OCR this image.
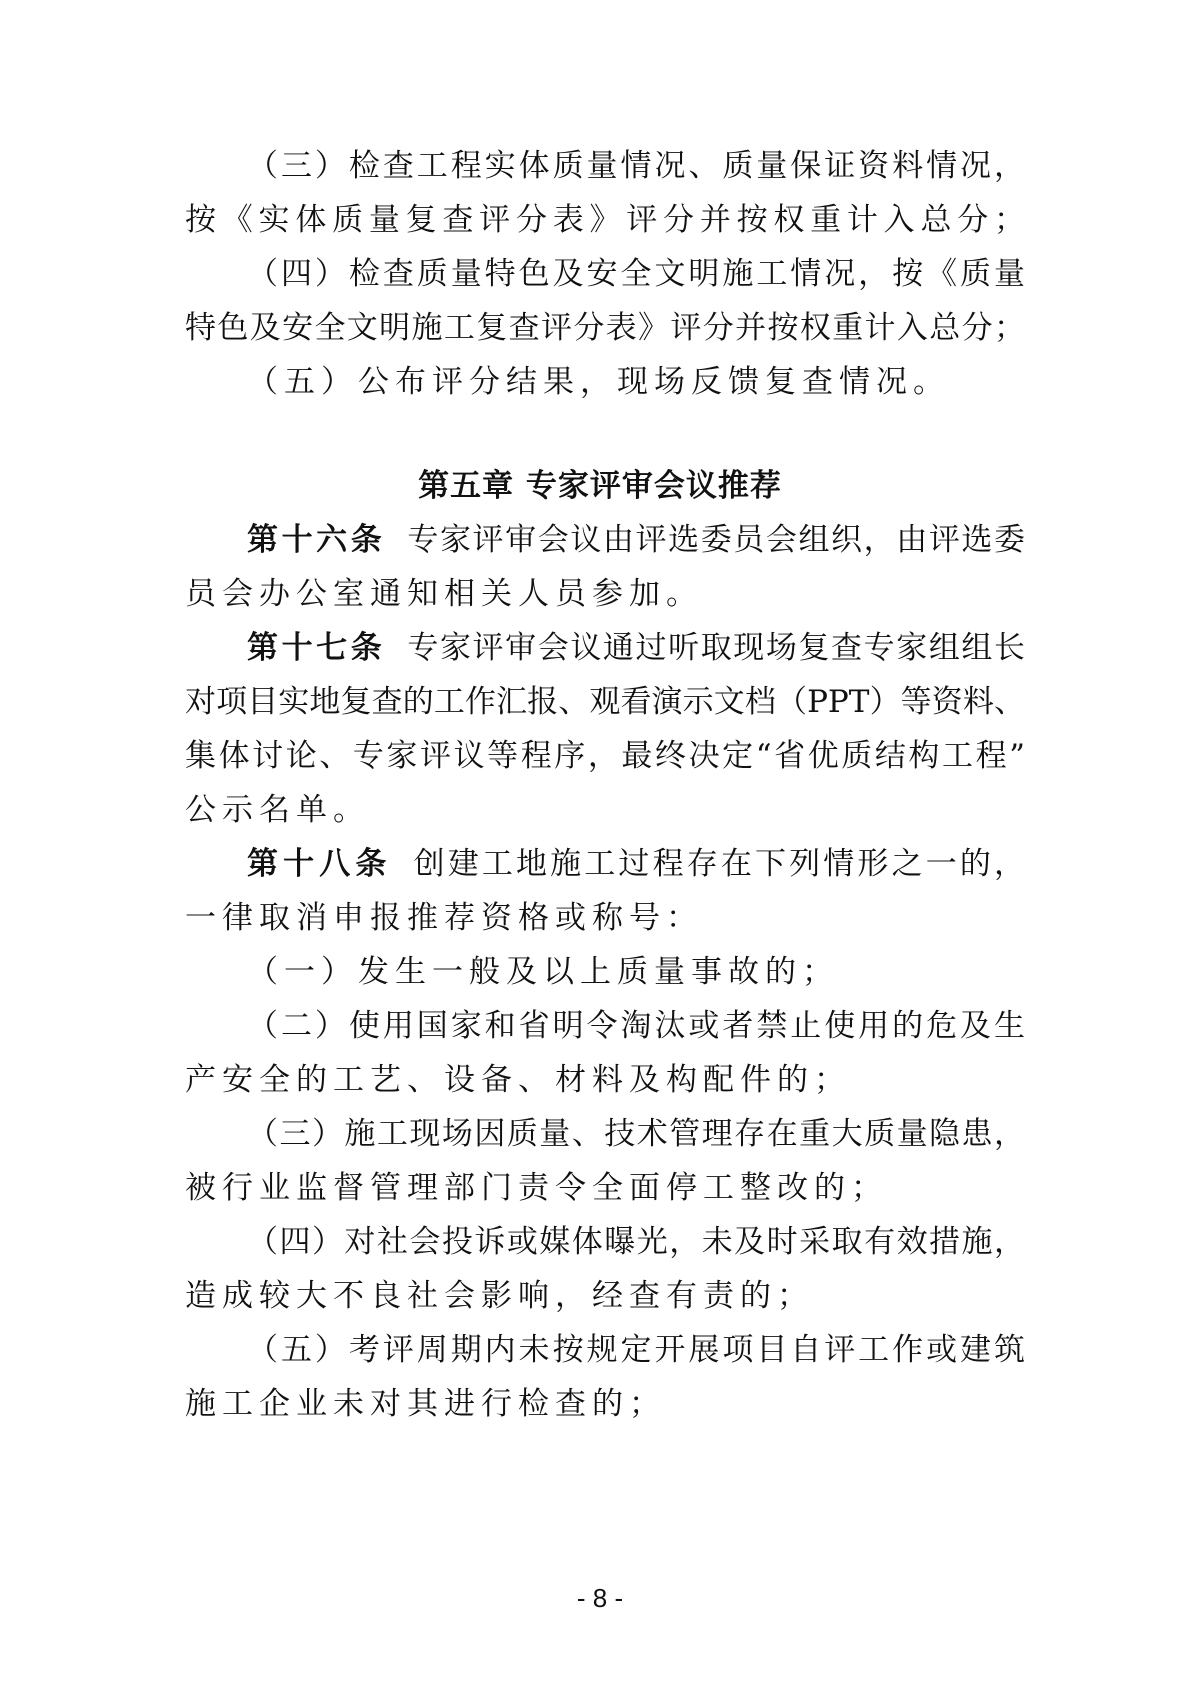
（三）检查工程实体质量情况、质量保证资料情况，
按《实体质量复查评分表》评分并按权重计入总分；
（四）检查质量特色及安全文明施工情况，按《质量
特色及安全文明施工复查评分表》评分并按权重计入总分；
（五）公布评分结果，现场反馈复查情况。
第五章 专家评审会议推荐
第十六条 专家评审会议由评选委员会组织，由评选委
员会办公室通知相关人员参加。
第十七条 专家评审会议通过听取现场复查专家组组长
对项目实地复查的工作汇报、观看演示文档（PPT）等资料、
集体讨论、专家评议等程序，最终决定“省优质结构工程”
公示名单。
第十八条 创建工地施工过程存在下列情形之一的，
一律取消申报推荐资格或称号：
（一）发生一般及以上质量事故的；
（二）使用国家和省明令淘汰或者禁止使用的危及生
产安全的工艺、设备、材料及构配件的；
（三）施工现场因质量、技术管理存在重大质量隐患，
被行业监督管理部门责令全面停工整改的；
（四）对社会投诉或媒体曝光，未及时采取有效措施，
造成较大不良社会影响，经查有责的；
（五）考评周期内未按规定开展项目自评工作或建筑
施工企业未对其进行检查的；
- 8 -
